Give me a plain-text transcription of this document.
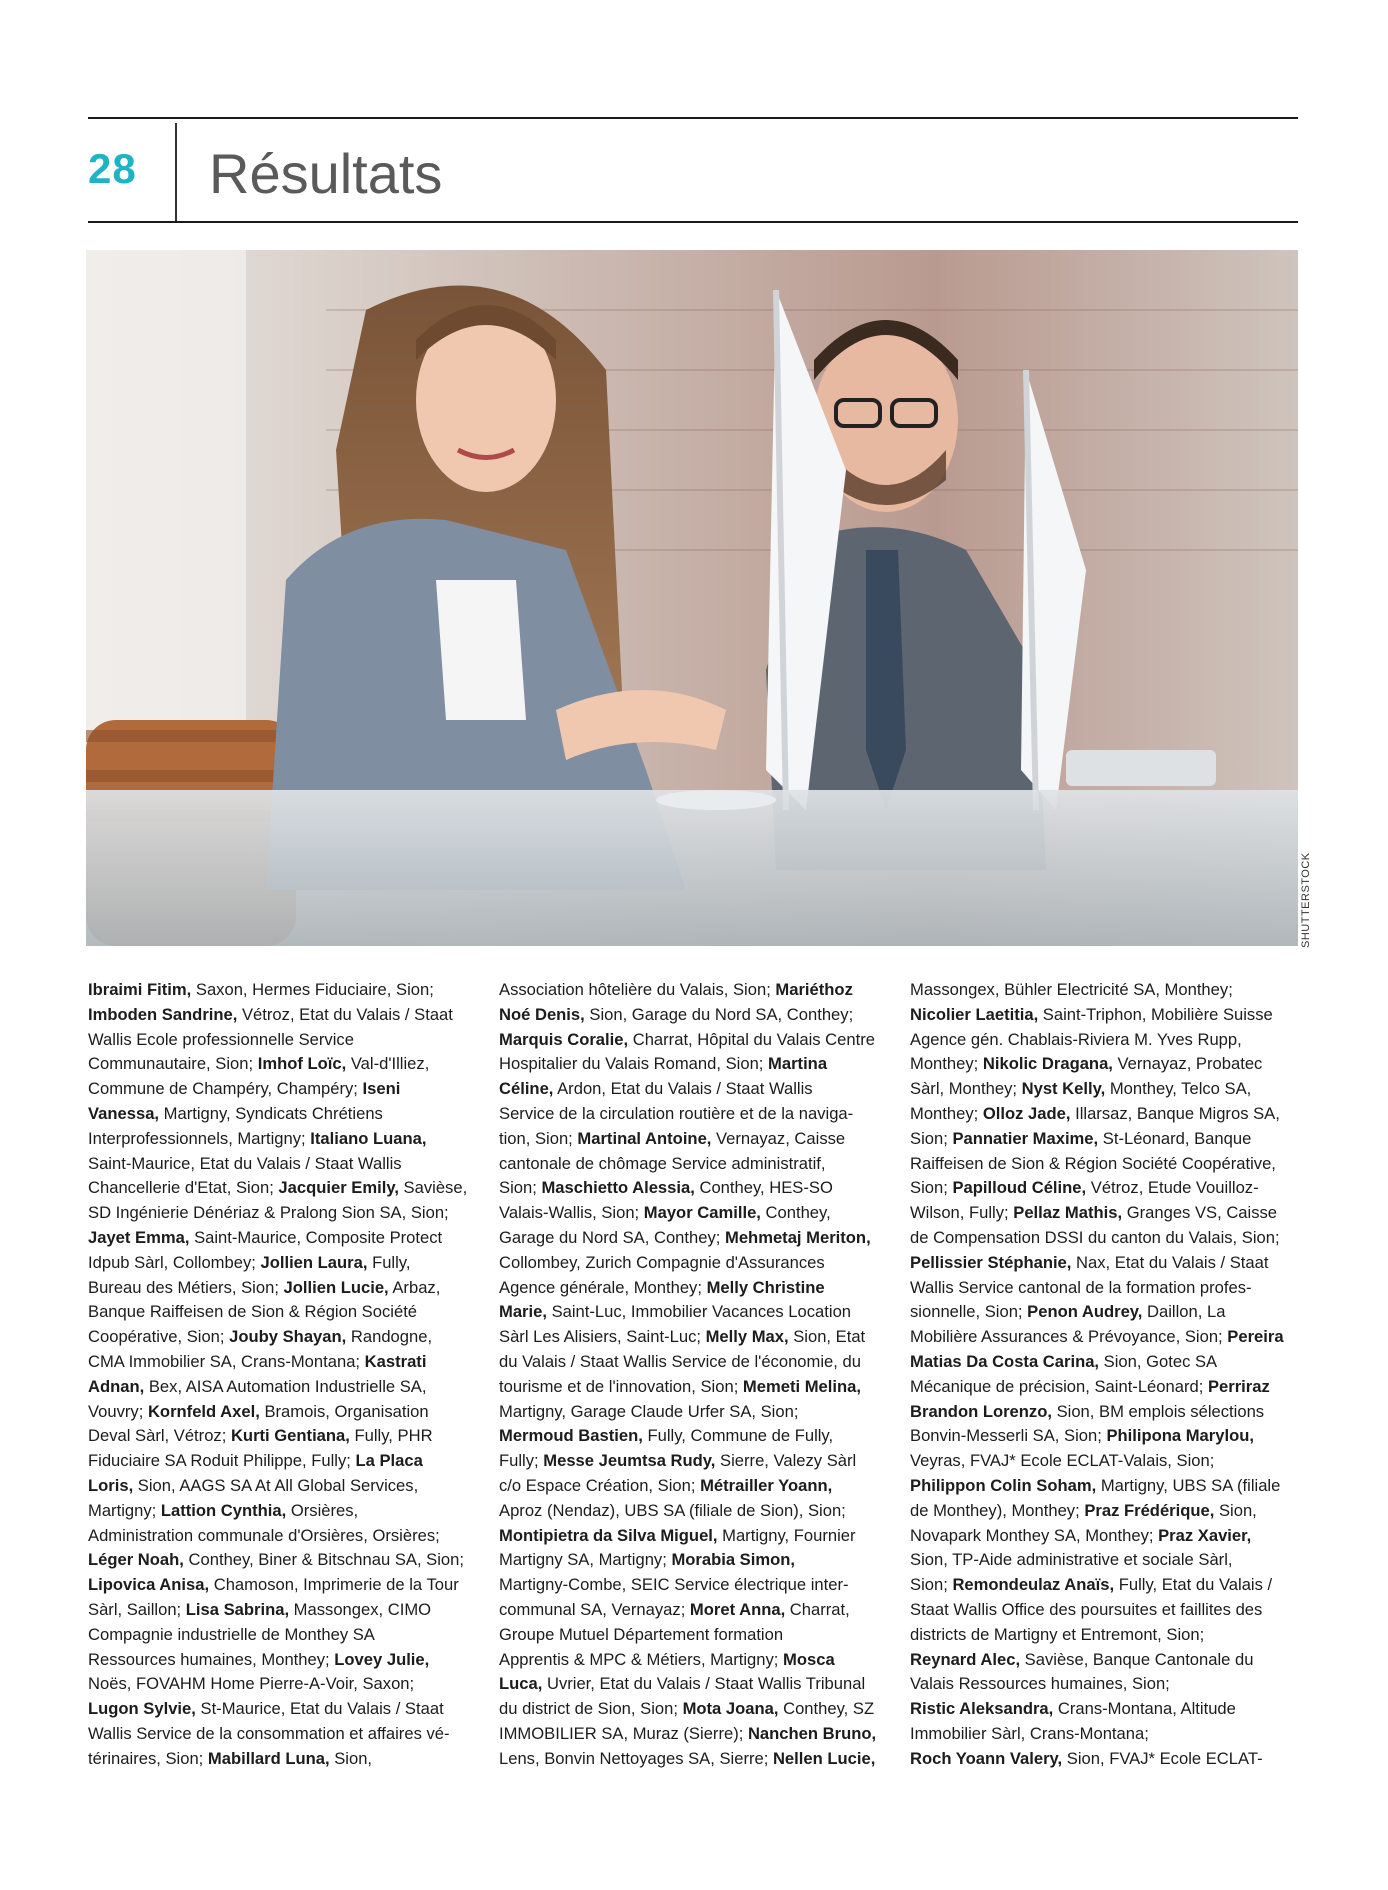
28 Résultats
SHUTTERSTOCK
Ibraimi Fitim, Saxon, Hermes Fiduciaire, Sion;
Imboden Sandrine, Vétroz, Etat du Valais / Staat
Wallis Ecole professionnelle Service
Communautaire, Sion; Imhof Loïc, Val-d'Illiez,
Commune de Champéry, Champéry; Iseni
Vanessa, Martigny, Syndicats Chrétiens
Interprofessionnels, Martigny; Italiano Luana,
Saint-Maurice, Etat du Valais / Staat Wallis
Chancellerie d'Etat, Sion; Jacquier Emily, Savièse,
SD Ingénierie Dénériaz & Pralong Sion SA, Sion;
Jayet Emma, Saint-Maurice, Composite Protect
Idpub Sàrl, Collombey; Jollien Laura, Fully,
Bureau des Métiers, Sion; Jollien Lucie, Arbaz,
Banque Raiffeisen de Sion & Région Société
Coopérative, Sion; Jouby Shayan, Randogne,
CMA Immobilier SA, Crans-Montana; Kastrati
Adnan, Bex, AISA Automation Industrielle SA,
Vouvry; Kornfeld Axel, Bramois, Organisation
Deval Sàrl, Vétroz; Kurti Gentiana, Fully, PHR
Fiduciaire SA Roduit Philippe, Fully; La Placa
Loris, Sion, AAGS SA At All Global Services,
Martigny; Lattion Cynthia, Orsières,
Administration communale d'Orsières, Orsières;
Léger Noah, Conthey, Biner & Bitschnau SA, Sion;
Lipovica Anisa, Chamoson, Imprimerie de la Tour
Sàrl, Saillon; Lisa Sabrina, Massongex, CIMO
Compagnie industrielle de Monthey SA
Ressources humaines, Monthey; Lovey Julie,
Noës, FOVAHM Home Pierre-A-Voir, Saxon;
Lugon Sylvie, St-Maurice, Etat du Valais / Staat
Wallis Service de la consommation et affaires vé-
térinaires, Sion; Mabillard Luna, Sion,
Association hôtelière du Valais, Sion; Mariéthoz
Noé Denis, Sion, Garage du Nord SA, Conthey;
Marquis Coralie, Charrat, Hôpital du Valais Centre
Hospitalier du Valais Romand, Sion; Martina
Céline, Ardon, Etat du Valais / Staat Wallis
Service de la circulation routière et de la naviga-
tion, Sion; Martinal Antoine, Vernayaz, Caisse
cantonale de chômage Service administratif,
Sion; Maschietto Alessia, Conthey, HES-SO
Valais-Wallis, Sion; Mayor Camille, Conthey,
Garage du Nord SA, Conthey; Mehmetaj Meriton,
Collombey, Zurich Compagnie d'Assurances
Agence générale, Monthey; Melly Christine
Marie, Saint-Luc, Immobilier Vacances Location
Sàrl Les Alisiers, Saint-Luc; Melly Max, Sion, Etat
du Valais / Staat Wallis Service de l'économie, du
tourisme et de l'innovation, Sion; Memeti Melina,
Martigny, Garage Claude Urfer SA, Sion;
Mermoud Bastien, Fully, Commune de Fully,
Fully; Messe Jeumtsa Rudy, Sierre, Valezy Sàrl
c/o Espace Création, Sion; Métrailler Yoann,
Aproz (Nendaz), UBS SA (filiale de Sion), Sion;
Montipietra da Silva Miguel, Martigny, Fournier
Martigny SA, Martigny; Morabia Simon,
Martigny-Combe, SEIC Service électrique inter-
communal SA, Vernayaz; Moret Anna, Charrat,
Groupe Mutuel Département formation
Apprentis & MPC & Métiers, Martigny; Mosca
Luca, Uvrier, Etat du Valais / Staat Wallis Tribunal
du district de Sion, Sion; Mota Joana, Conthey, SZ
IMMOBILIER SA, Muraz (Sierre); Nanchen Bruno,
Lens, Bonvin Nettoyages SA, Sierre; Nellen Lucie,
Massongex, Bühler Electricité SA, Monthey;
Nicolier Laetitia, Saint-Triphon, Mobilière Suisse
Agence gén. Chablais-Riviera M. Yves Rupp,
Monthey; Nikolic Dragana, Vernayaz, Probatec
Sàrl, Monthey; Nyst Kelly, Monthey, Telco SA,
Monthey; Olloz Jade, Illarsaz, Banque Migros SA,
Sion; Pannatier Maxime, St-Léonard, Banque
Raiffeisen de Sion & Région Société Coopérative,
Sion; Papilloud Céline, Vétroz, Etude Vouilloz-
Wilson, Fully; Pellaz Mathis, Granges VS, Caisse
de Compensation DSSI du canton du Valais, Sion;
Pellissier Stéphanie, Nax, Etat du Valais / Staat
Wallis Service cantonal de la formation profes-
sionnelle, Sion; Penon Audrey, Daillon, La
Mobilière Assurances & Prévoyance, Sion; Pereira
Matias Da Costa Carina, Sion, Gotec SA
Mécanique de précision, Saint-Léonard; Perriraz
Brandon Lorenzo, Sion, BM emplois sélections
Bonvin-Messerli SA, Sion; Philipona Marylou,
Veyras, FVAJ* Ecole ECLAT-Valais, Sion;
Philippon Colin Soham, Martigny, UBS SA (filiale
de Monthey), Monthey; Praz Frédérique, Sion,
Novapark Monthey SA, Monthey; Praz Xavier,
Sion, TP-Aide administrative et sociale Sàrl,
Sion; Remondeulaz Anaïs, Fully, Etat du Valais /
Staat Wallis Office des poursuites et faillites des
districts de Martigny et Entremont, Sion;
Reynard Alec, Savièse, Banque Cantonale du
Valais Ressources humaines, Sion;
Ristic Aleksandra, Crans-Montana, Altitude
Immobilier Sàrl, Crans-Montana;
Roch Yoann Valery, Sion, FVAJ* Ecole ECLAT-
